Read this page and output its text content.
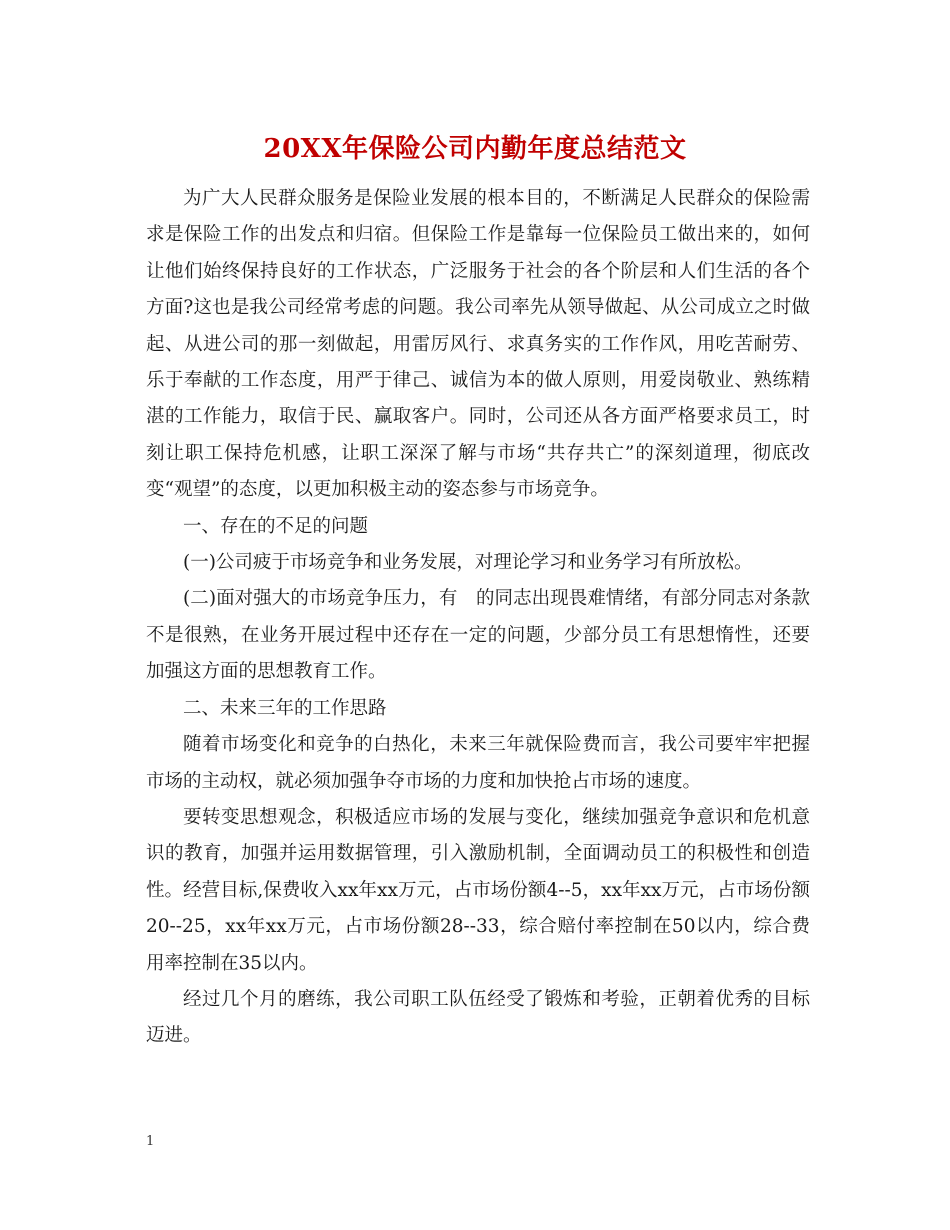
20XX年保险公司内勤年度总结范文

为广大人民群众服务是保险业发展的根本目的，不断满足人民群众的保险需求是保险工作的出发点和归宿。但保险工作是靠每一位保险员工做出来的，如何让他们始终保持良好的工作状态，广泛服务于社会的各个阶层和人们生活的各个方面?这也是我公司经常考虑的问题。我公司率先从领导做起、从公司成立之时做起、从进公司的那一刻做起，用雷厉风行、求真务实的工作作风，用吃苦耐劳、乐于奉献的工作态度，用严于律己、诚信为本的做人原则，用爱岗敬业、熟练精湛的工作能力，取信于民、赢取客户。同时，公司还从各方面严格要求员工，时刻让职工保持危机感，让职工深深了解与市场“共存共亡”的深刻道理，彻底改变“观望”的态度，以更加积极主动的姿态参与市场竞争。

一、存在的不足的问题

(一)公司疲于市场竞争和业务发展，对理论学习和业务学习有所放松。

(二)面对强大的市场竞争压力，有　的同志出现畏难情绪，有部分同志对条款不是很熟，在业务开展过程中还存在一定的问题，少部分员工有思想惰性，还要加强这方面的思想教育工作。

二、未来三年的工作思路

随着市场变化和竞争的白热化，未来三年就保险费而言，我公司要牢牢把握市场的主动权，就必须加强争夺市场的力度和加快抢占市场的速度。

要转变思想观念，积极适应市场的发展与变化，继续加强竞争意识和危机意识的教育，加强并运用数据管理，引入激励机制，全面调动员工的积极性和创造性。经营目标,保费收入xx年xx万元，占市场份额4--5，xx年xx万元，占市场份额20--25，xx年xx万元，占市场份额28--33，综合赔付率控制在50以内，综合费用率控制在35以内。

经过几个月的磨练，我公司职工队伍经受了锻炼和考验，正朝着优秀的目标迈进。

1
